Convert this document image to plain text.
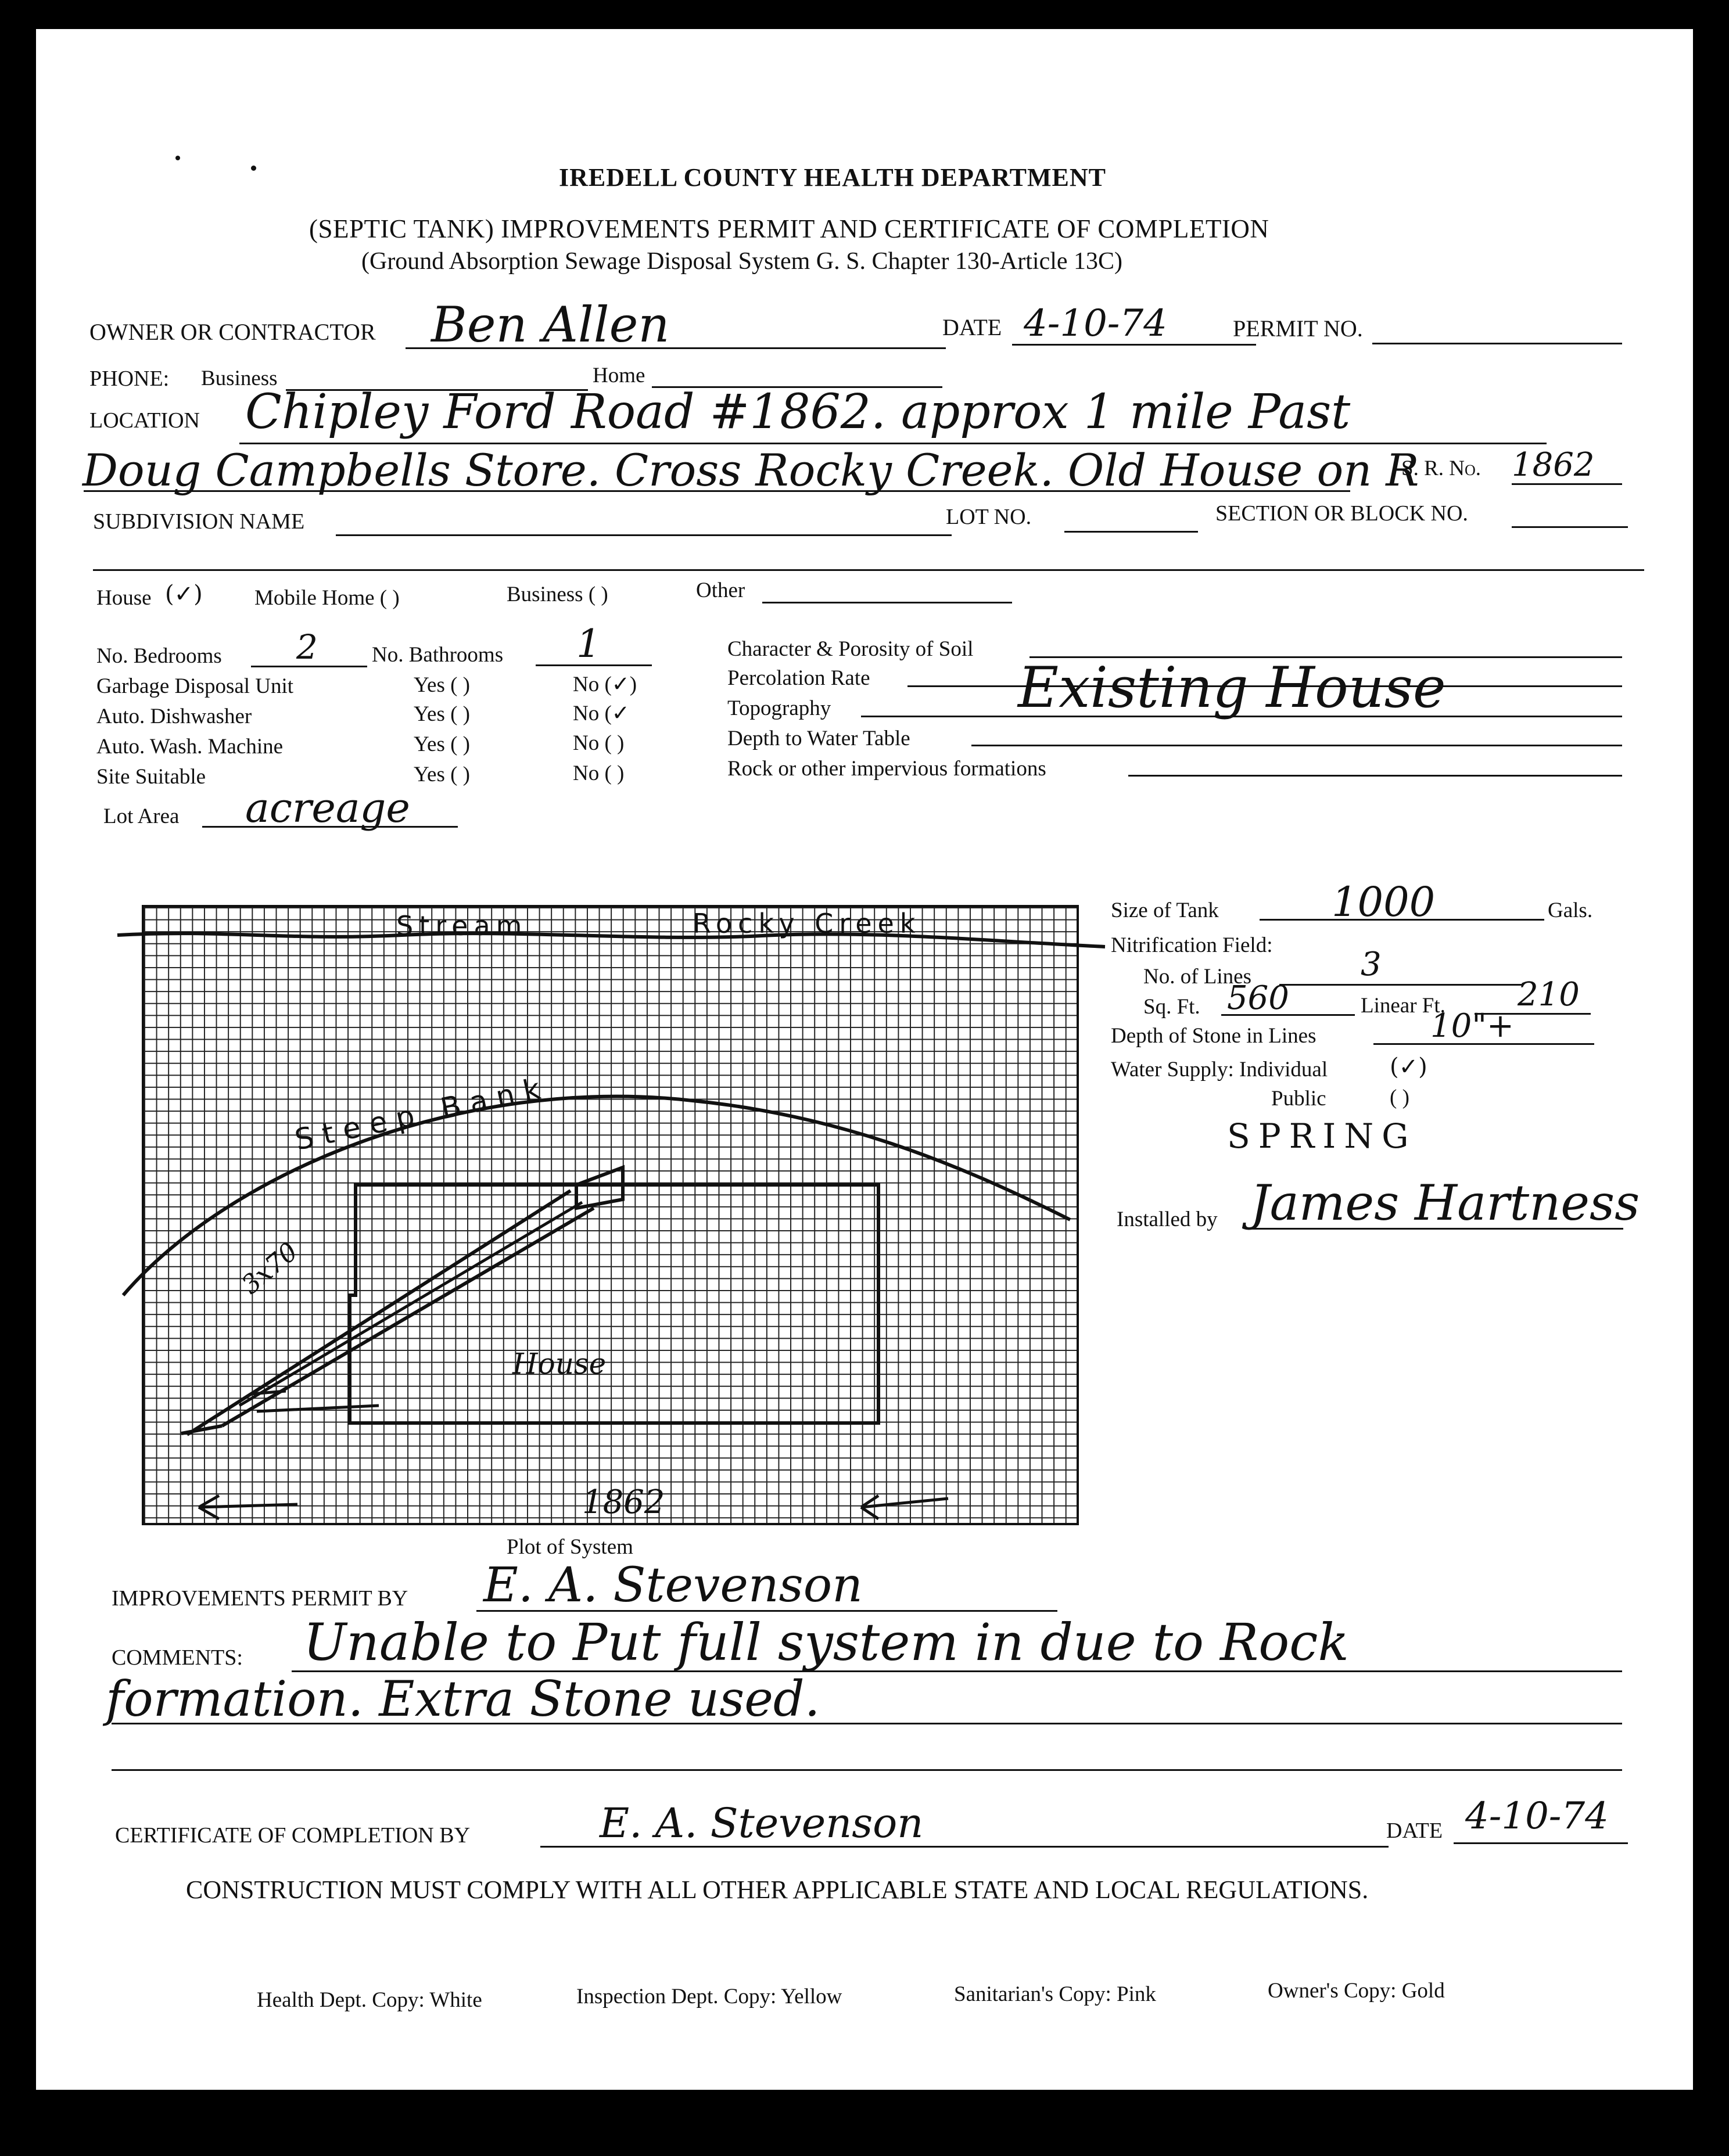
IREDELL COUNTY HEALTH DEPARTMENT
(SEPTIC TANK) IMPROVEMENTS PERMIT AND CERTIFICATE OF COMPLETION
(Ground Absorption Sewage Disposal System G. S. Chapter 130-Article 13C)
OWNER OR CONTRACTOR Ben Allen	DATE 4-10-74	PERMIT NO.
PHONE: Business	Home
LOCATION Chipley Ford Road #1862. approx 1 mile Past
Doug Campbells Store. Cross Rocky Creek. Old House on R
S. R. No. 1862
SUBDIVISION NAME	LOT NO.	SECTION OR BLOCK NO.
House (✓) Mobile Home ( )	Business ( )	Other
No. Bedrooms 2	No. Bathrooms 1
Garbage Disposal Unit	Yes ( )	No (✓)
Auto. Dishwasher	Yes ( )	No (✓
Auto. Wash. Machine	Yes ( )	No ( )
Site Suitable	Yes ( )	No ( )
Lot Area acreage
Character & Porosity of Soil
Percolation Rate
Topography
Depth to Water Table
Rock or other impervious formations
Existing House
Stream	Rocky Creek
Steep Bank
3x70
House
1862
Plot of System
Size of Tank	1000	Gals.
Nitrification Field:
No. of Lines	3
Sq. Ft. 560	Linear Ft. 210
Depth of Stone in Lines	10"+
Water Supply: Individual	(✓)
Public	( )
SPRING
Installed by James Hartness
IMPROVEMENTS PERMIT BY E. A. Stevenson
COMMENTS: Unable to Put full system in due to Rock
formation. Extra Stone used.
CERTIFICATE OF COMPLETION BY	E. A. Stevenson	DATE 4-10-74
CONSTRUCTION MUST COMPLY WITH ALL OTHER APPLICABLE STATE AND LOCAL REGULATIONS.
Health Dept. Copy: White	Inspection Dept. Copy: Yellow	Sanitarian's Copy: Pink	Owner's Copy: Gold
